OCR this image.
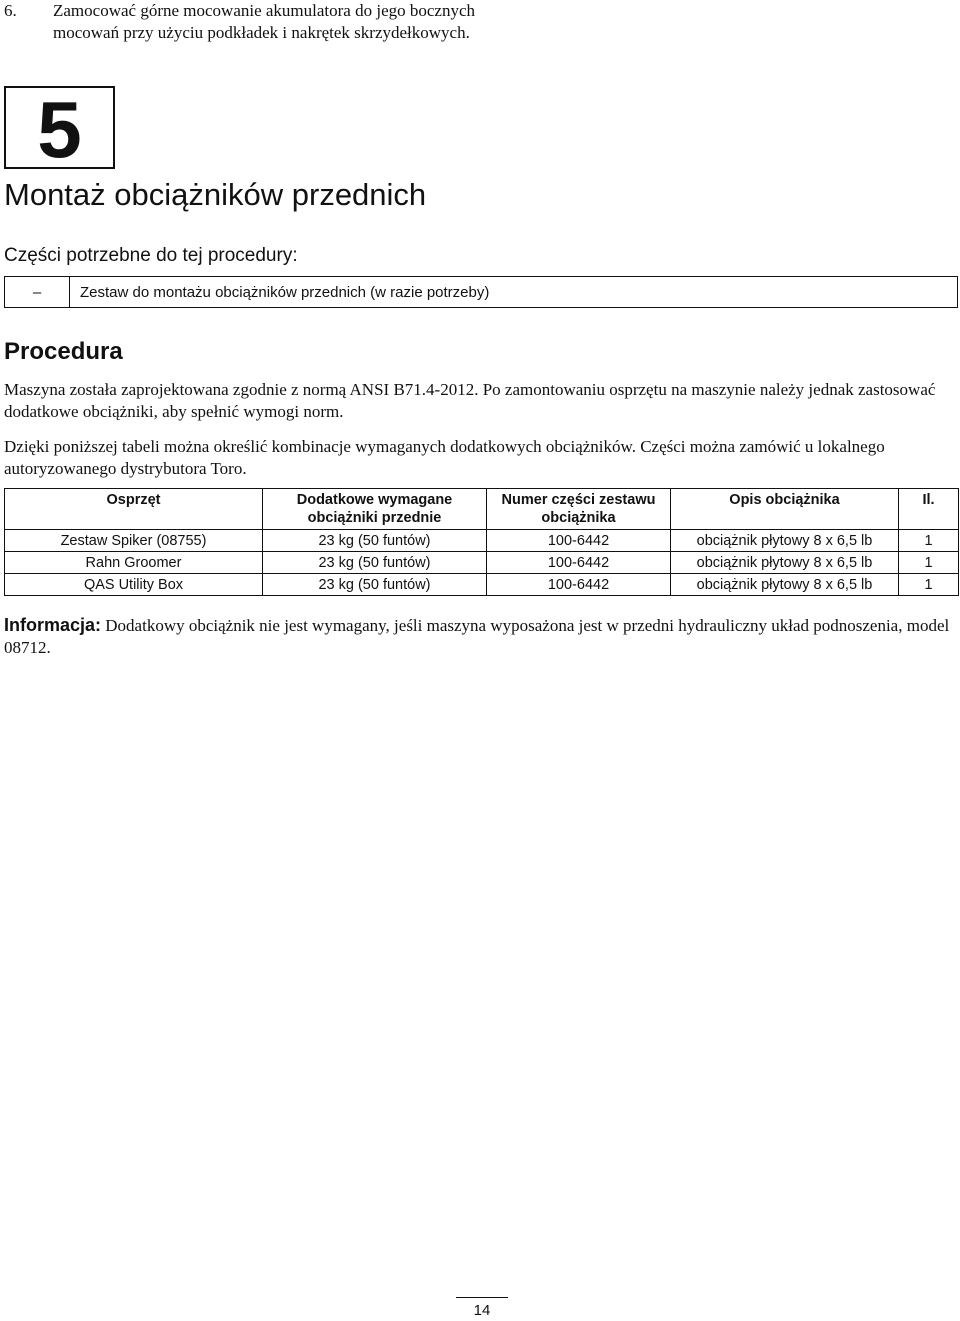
6. Zamocować górne mocowanie akumulatora do jego bocznych mocowań przy użyciu podkładek i nakrętek skrzydełkowych.
5
Montaż obciążników przednich
Części potrzebne do tej procedury:
–	Zestaw do montażu obciążników przednich (w razie potrzeby)
Procedura

Maszyna została zaprojektowana zgodnie z normą ANSI B71.4-2012. Po zamontowaniu osprzętu na maszynie należy jednak zastosować dodatkowe obciążniki, aby spełnić wymogi norm.

Dzięki poniższej tabeli można określić kombinacje wymaganych dodatkowych obciążników. Części można zamówić u lokalnego autoryzowanego dystrybutora Toro.

Osprzęt	Dodatkowe wymagane obciążniki przednie	Numer części zestawu obciążnika	Opis obciążnika	Il.
Zestaw Spiker (08755)	23 kg (50 funtów)	100-6442	obciążnik płytowy 8 x 6,5 lb	1
Rahn Groomer	23 kg (50 funtów)	100-6442	obciążnik płytowy 8 x 6,5 lb	1
QAS Utility Box	23 kg (50 funtów)	100-6442	obciążnik płytowy 8 x 6,5 lb	1

Informacja: Dodatkowy obciążnik nie jest wymagany, jeśli maszyna wyposażona jest w przedni hydrauliczny układ podnoszenia, model 08712.

14
